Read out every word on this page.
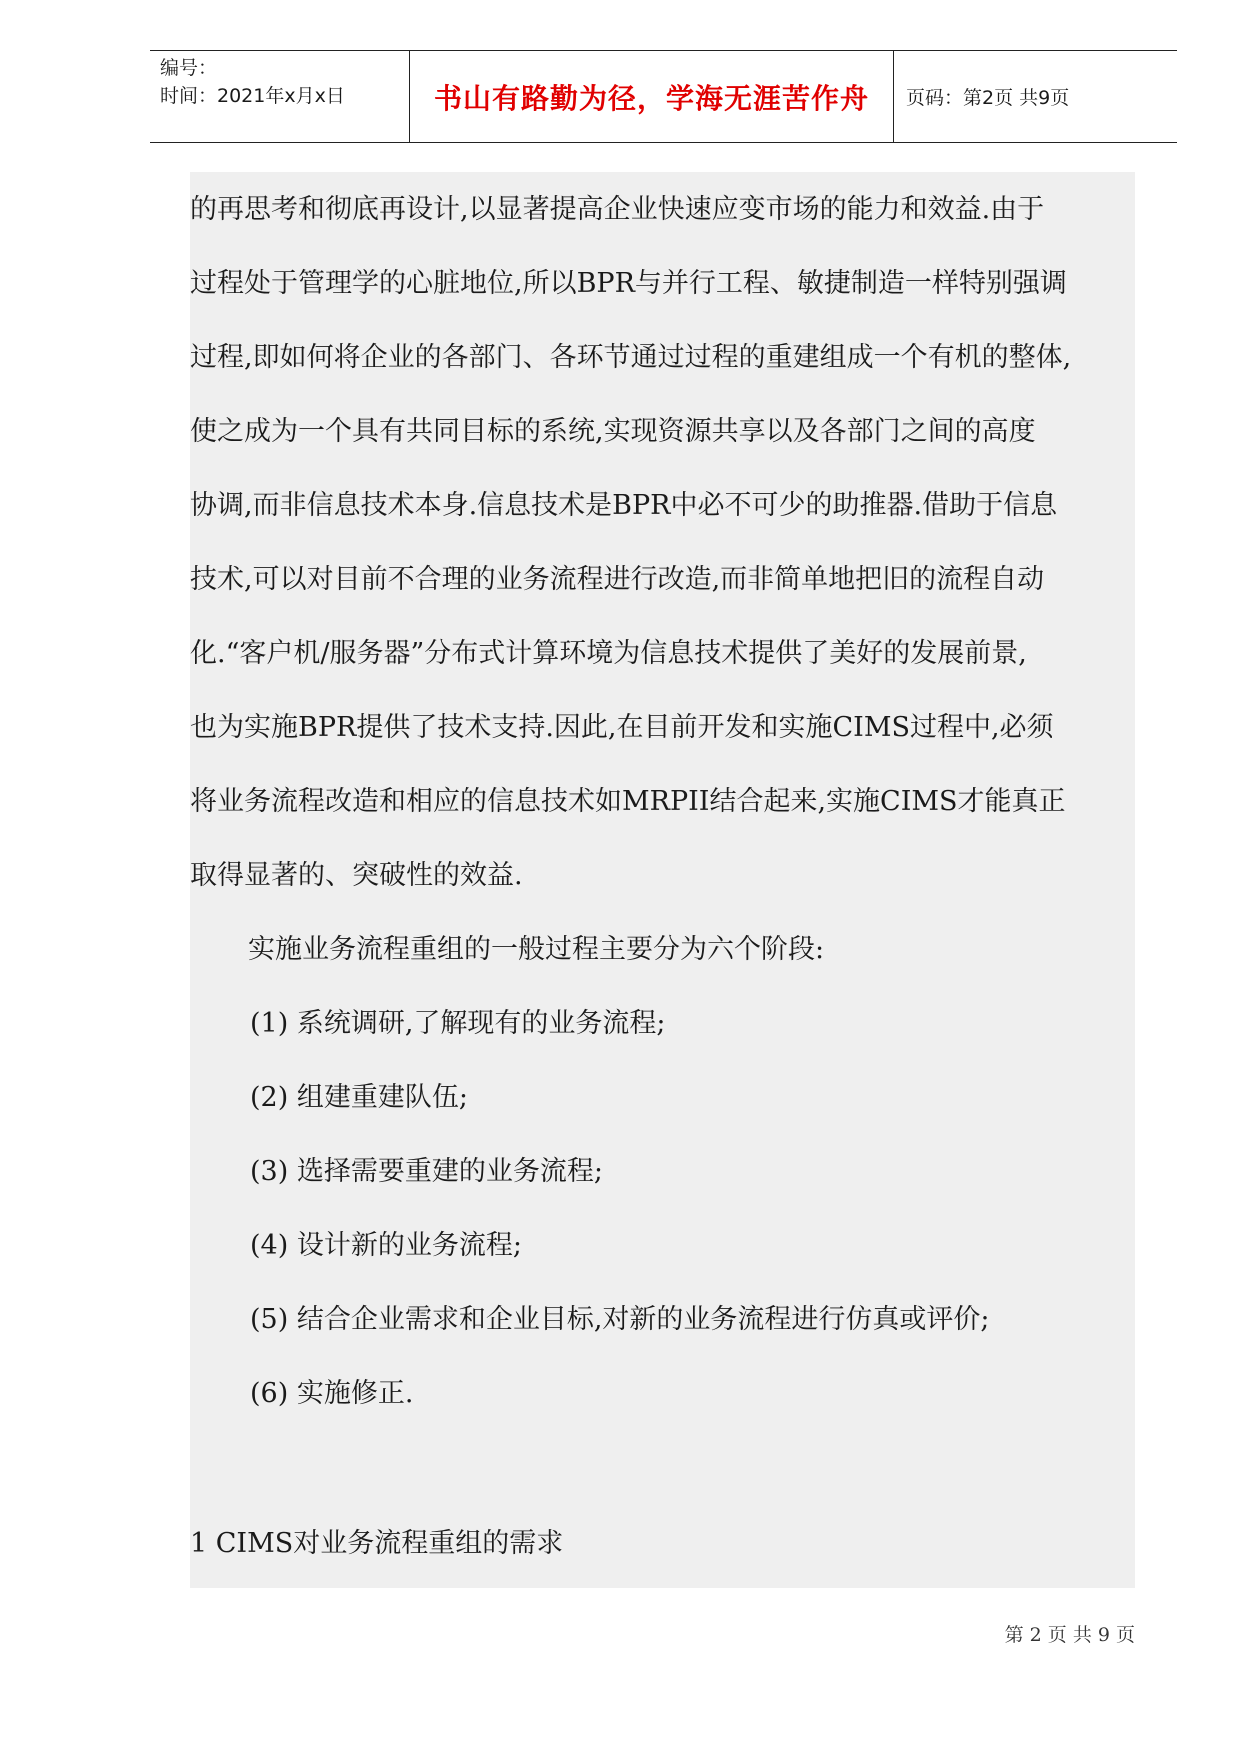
编号：
时间：2021年x月x日	书山有路勤为径，学海无涯苦作舟	页码：第2页 共9页
的再思考和彻底再设计,以显著提高企业快速应变市场的能力和效益.由于
过程处于管理学的心脏地位,所以BPR与并行工程、敏捷制造一样特别强调
过程,即如何将企业的各部门、各环节通过过程的重建组成一个有机的整体,
使之成为一个具有共同目标的系统,实现资源共享以及各部门之间的高度
协调,而非信息技术本身.信息技术是BPR中必不可少的助推器.借助于信息
技术,可以对目前不合理的业务流程进行改造,而非简单地把旧的流程自动
化.“客户机/服务器”分布式计算环境为信息技术提供了美好的发展前景,
也为实施BPR提供了技术支持.因此,在目前开发和实施CIMS过程中,必须
将业务流程改造和相应的信息技术如MRPII结合起来,实施CIMS才能真正
取得显著的、突破性的效益.
实施业务流程重组的一般过程主要分为六个阶段:
(1) 系统调研,了解现有的业务流程;
(2) 组建重建队伍;
(3) 选择需要重建的业务流程;
(4) 设计新的业务流程;
(5) 结合企业需求和企业目标,对新的业务流程进行仿真或评价;
(6) 实施修正.
1 CIMS对业务流程重组的需求
第 2 页 共 9 页
